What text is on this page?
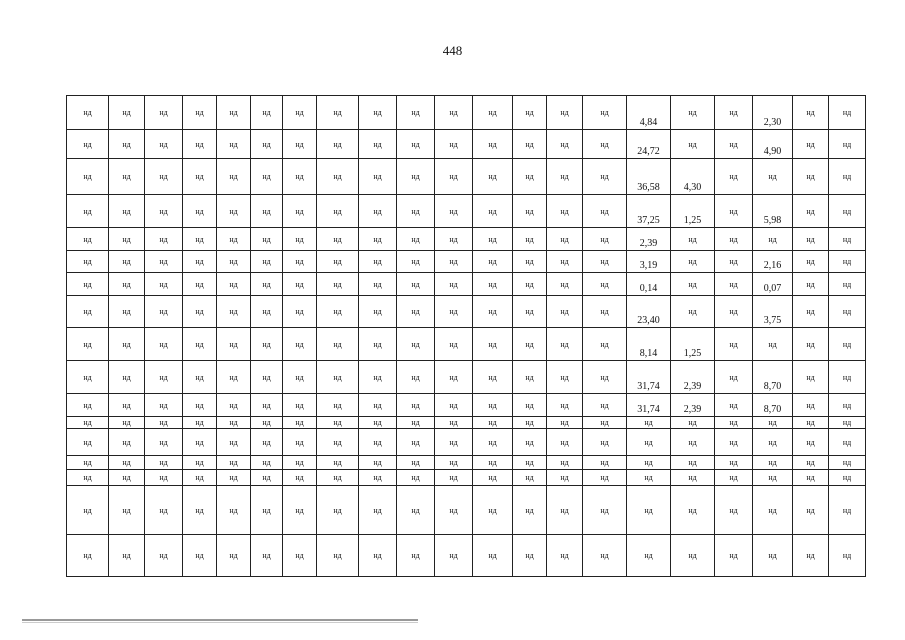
448
нд	нд	нд	нд	нд	нд	нд	нд	нд	нд	нд	нд	нд	нд	нд	4,84	нд	нд	2,30	нд	нд
нд	нд	нд	нд	нд	нд	нд	нд	нд	нд	нд	нд	нд	нд	нд	24,72	нд	нд	4,90	нд	нд
нд	нд	нд	нд	нд	нд	нд	нд	нд	нд	нд	нд	нд	нд	нд	36,58	4,30	нд	нд	нд	нд
нд	нд	нд	нд	нд	нд	нд	нд	нд	нд	нд	нд	нд	нд	нд	37,25	1,25	нд	5,98	нд	нд
нд	нд	нд	нд	нд	нд	нд	нд	нд	нд	нд	нд	нд	нд	нд	2,39	нд	нд	нд	нд	нд
нд	нд	нд	нд	нд	нд	нд	нд	нд	нд	нд	нд	нд	нд	нд	3,19	нд	нд	2,16	нд	нд
нд	нд	нд	нд	нд	нд	нд	нд	нд	нд	нд	нд	нд	нд	нд	0,14	нд	нд	0,07	нд	нд
нд	нд	нд	нд	нд	нд	нд	нд	нд	нд	нд	нд	нд	нд	нд	23,40	нд	нд	3,75	нд	нд
нд	нд	нд	нд	нд	нд	нд	нд	нд	нд	нд	нд	нд	нд	нд	8,14	1,25	нд	нд	нд	нд
нд	нд	нд	нд	нд	нд	нд	нд	нд	нд	нд	нд	нд	нд	нд	31,74	2,39	нд	8,70	нд	нд
нд	нд	нд	нд	нд	нд	нд	нд	нд	нд	нд	нд	нд	нд	нд	31,74	2,39	нд	8,70	нд	нд
нд	нд	нд	нд	нд	нд	нд	нд	нд	нд	нд	нд	нд	нд	нд	нд	нд	нд	нд	нд	нд
нд	нд	нд	нд	нд	нд	нд	нд	нд	нд	нд	нд	нд	нд	нд	нд	нд	нд	нд	нд	нд
нд	нд	нд	нд	нд	нд	нд	нд	нд	нд	нд	нд	нд	нд	нд	нд	нд	нд	нд	нд	нд
нд	нд	нд	нд	нд	нд	нд	нд	нд	нд	нд	нд	нд	нд	нд	нд	нд	нд	нд	нд	нд
нд	нд	нд	нд	нд	нд	нд	нд	нд	нд	нд	нд	нд	нд	нд	нд	нд	нд	нд	нд	нд
нд	нд	нд	нд	нд	нд	нд	нд	нд	нд	нд	нд	нд	нд	нд	нд	нд	нд	нд	нд	нд
